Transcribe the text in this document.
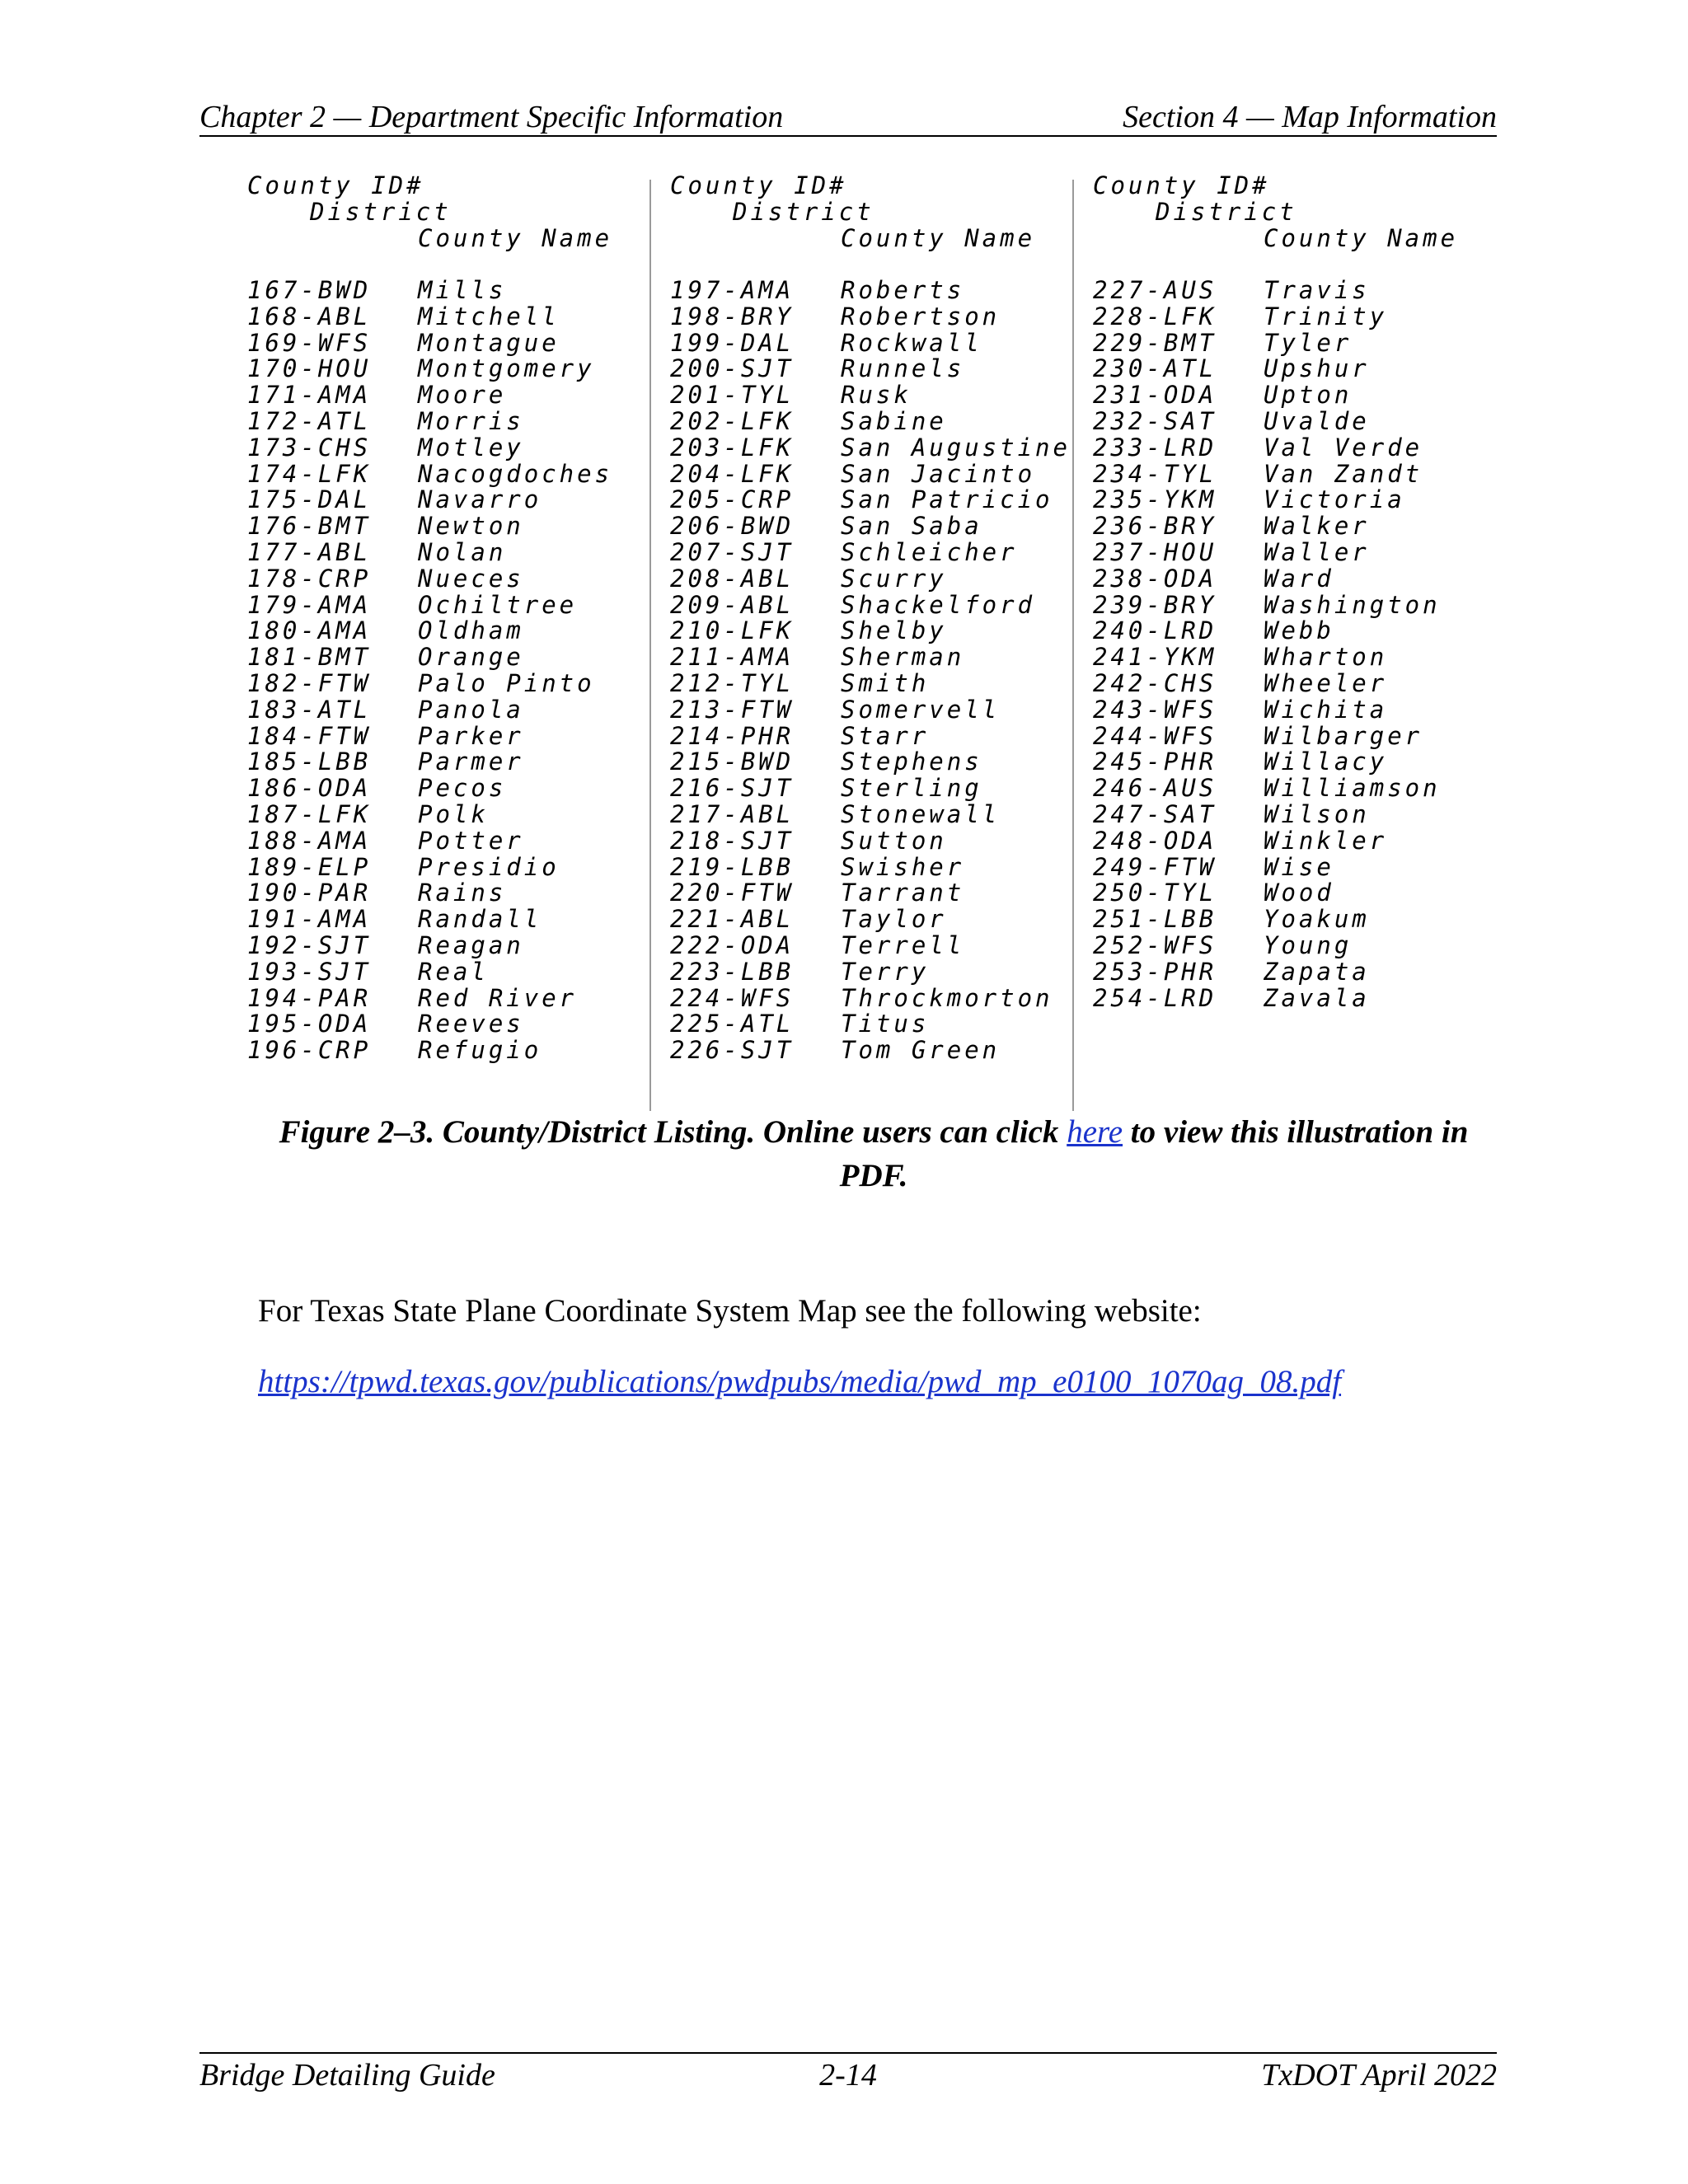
Chapter 2 — Department Specific Information	Section 4 — Map Information
County ID#
District
County Name
167-BWD Mills
168-ABL Mitchell
169-WFS Montague
170-HOU Montgomery
171-AMA Moore
172-ATL Morris
173-CHS Motley
174-LFK Nacogdoches
175-DAL Navarro
176-BMT Newton
177-ABL Nolan
178-CRP Nueces
179-AMA Ochiltree
180-AMA Oldham
181-BMT Orange
182-FTW Palo Pinto
183-ATL Panola
184-FTW Parker
185-LBB Parmer
186-ODA Pecos
187-LFK Polk
188-AMA Potter
189-ELP Presidio
190-PAR Rains
191-AMA Randall
192-SJT Reagan
193-SJT Real
194-PAR Red River
195-ODA Reeves
196-CRP Refugio
County ID#
District
County Name
197-AMA Roberts
198-BRY Robertson
199-DAL Rockwall
200-SJT Runnels
201-TYL Rusk
202-LFK Sabine
203-LFK San Augustine
204-LFK San Jacinto
205-CRP San Patricio
206-BWD San Saba
207-SJT Schleicher
208-ABL Scurry
209-ABL Shackelford
210-LFK Shelby
211-AMA Sherman
212-TYL Smith
213-FTW Somervell
214-PHR Starr
215-BWD Stephens
216-SJT Sterling
217-ABL Stonewall
218-SJT Sutton
219-LBB Swisher
220-FTW Tarrant
221-ABL Taylor
222-ODA Terrell
223-LBB Terry
224-WFS Throckmorton
225-ATL Titus
226-SJT Tom Green
County ID#
District
County Name
227-AUS Travis
228-LFK Trinity
229-BMT Tyler
230-ATL Upshur
231-ODA Upton
232-SAT Uvalde
233-LRD Val Verde
234-TYL Van Zandt
235-YKM Victoria
236-BRY Walker
237-HOU Waller
238-ODA Ward
239-BRY Washington
240-LRD Webb
241-YKM Wharton
242-CHS Wheeler
243-WFS Wichita
244-WFS Wilbarger
245-PHR Willacy
246-AUS Williamson
247-SAT Wilson
248-ODA Winkler
249-FTW Wise
250-TYL Wood
251-LBB Yoakum
252-WFS Young
253-PHR Zapata
254-LRD Zavala
Figure 2–3. County/District Listing. Online users can click here to view this illustration in PDF.
For Texas State Plane Coordinate System Map see the following website:
https://tpwd.texas.gov/publications/pwdpubs/media/pwd_mp_e0100_1070ag_08.pdf
Bridge Detailing Guide	2-14	TxDOT April 2022
